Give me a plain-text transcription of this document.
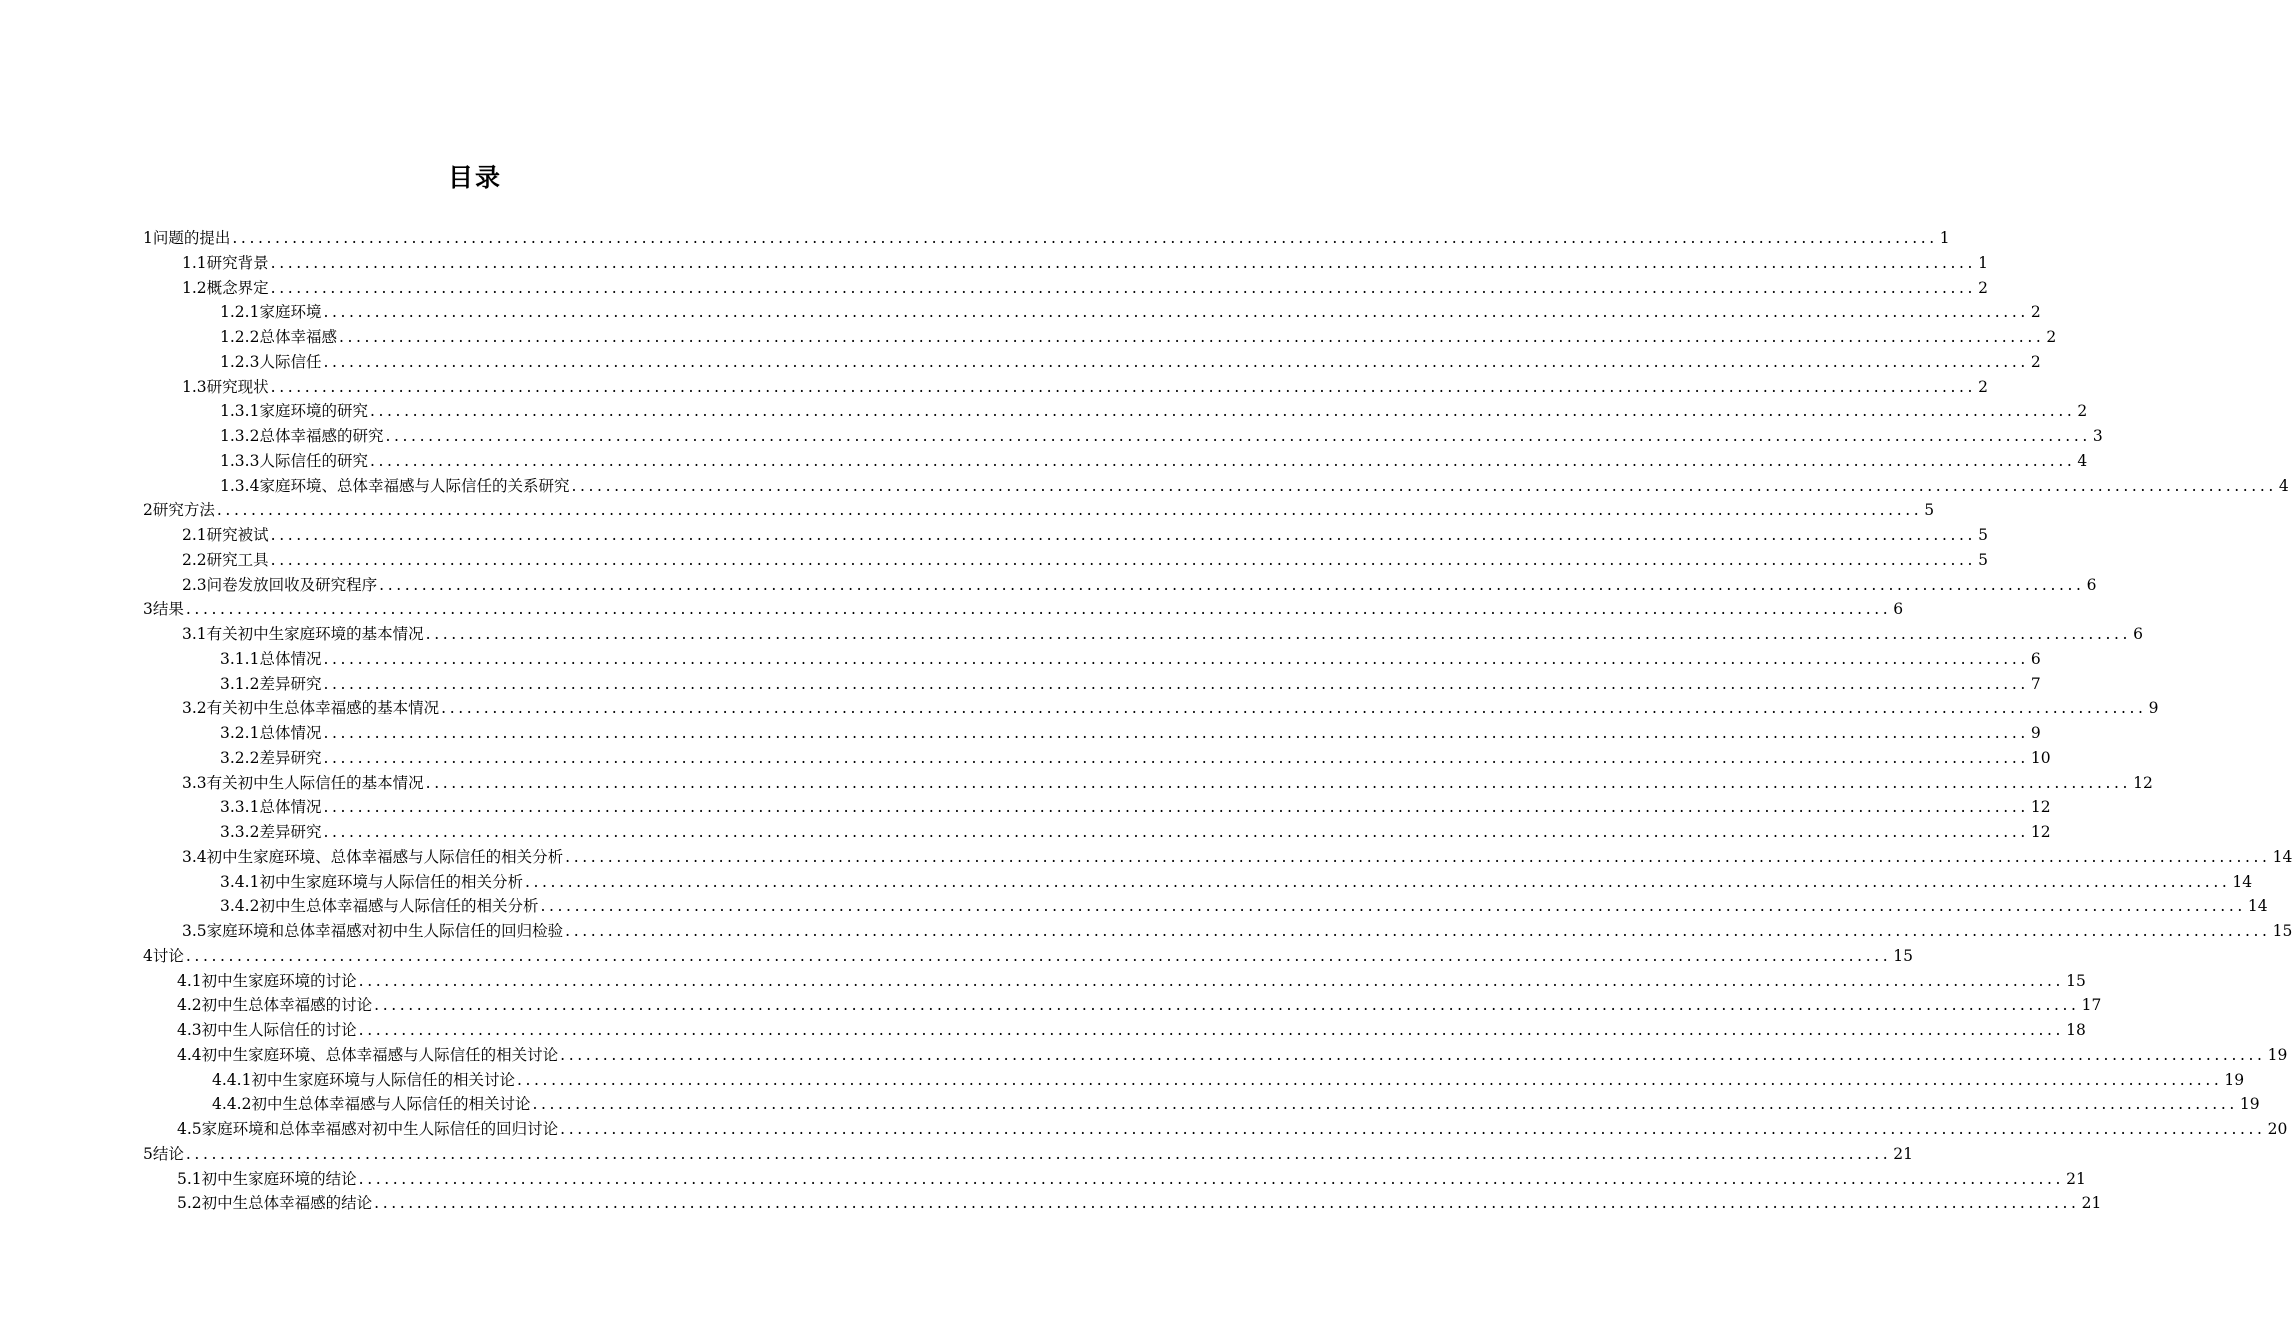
目录
1 问题的提出 ........................................................................................................................................................................................................ 1
1.1 研究背景 ........................................................................................................................................................................................................ 1
1.2 概念界定 ........................................................................................................................................................................................................ 2
1.2.1 家庭环境 ........................................................................................................................................................................................................ 2
1.2.2 总体幸福感 ........................................................................................................................................................................................................ 2
1.2.3 人际信任 ........................................................................................................................................................................................................ 2
1.3 研究现状 ........................................................................................................................................................................................................ 2
1.3.1 家庭环境的研究 ........................................................................................................................................................................................................ 2
1.3.2 总体幸福感的研究 ........................................................................................................................................................................................................ 3
1.3.3 人际信任的研究 ........................................................................................................................................................................................................ 4
1.3.4 家庭环境、总体幸福感与人际信任的关系研究 ........................................................................................................................................................................................................ 4
2 研究方法 ........................................................................................................................................................................................................ 5
2.1 研究被试 ........................................................................................................................................................................................................ 5
2.2 研究工具 ........................................................................................................................................................................................................ 5
2.3 问卷发放回收及研究程序 ........................................................................................................................................................................................................ 6
3 结果 ........................................................................................................................................................................................................ 6
3.1 有关初中生家庭环境的基本情况 ........................................................................................................................................................................................................ 6
3.1.1 总体情况 ........................................................................................................................................................................................................ 6
3.1.2 差异研究 ........................................................................................................................................................................................................ 7
3.2 有关初中生总体幸福感的基本情况 ........................................................................................................................................................................................................ 9
3.2.1 总体情况 ........................................................................................................................................................................................................ 9
3.2.2 差异研究 ........................................................................................................................................................................................................ 10
3.3 有关初中生人际信任的基本情况 ........................................................................................................................................................................................................ 12
3.3.1 总体情况 ........................................................................................................................................................................................................ 12
3.3.2 差异研究 ........................................................................................................................................................................................................ 12
3.4 初中生家庭环境、总体幸福感与人际信任的相关分析 ........................................................................................................................................................................................................ 14
3.4.1 初中生家庭环境与人际信任的相关分析 ........................................................................................................................................................................................................ 14
3.4.2 初中生总体幸福感与人际信任的相关分析 ........................................................................................................................................................................................................ 14
3.5 家庭环境和总体幸福感对初中生人际信任的回归检验 ........................................................................................................................................................................................................ 15
4 讨论 ........................................................................................................................................................................................................ 15
4.1 初中生家庭环境的讨论 ........................................................................................................................................................................................................ 15
4.2 初中生总体幸福感的讨论 ........................................................................................................................................................................................................ 17
4.3 初中生人际信任的讨论 ........................................................................................................................................................................................................ 18
4.4 初中生家庭环境、总体幸福感与人际信任的相关讨论 ........................................................................................................................................................................................................ 19
4.4.1 初中生家庭环境与人际信任的相关讨论 ........................................................................................................................................................................................................ 19
4.4.2 初中生总体幸福感与人际信任的相关讨论 ........................................................................................................................................................................................................ 19
4.5 家庭环境和总体幸福感对初中生人际信任的回归讨论 ........................................................................................................................................................................................................ 20
5 结论 ........................................................................................................................................................................................................ 21
5.1 初中生家庭环境的结论 ........................................................................................................................................................................................................ 21
5.2 初中生总体幸福感的结论 ........................................................................................................................................................................................................ 21
